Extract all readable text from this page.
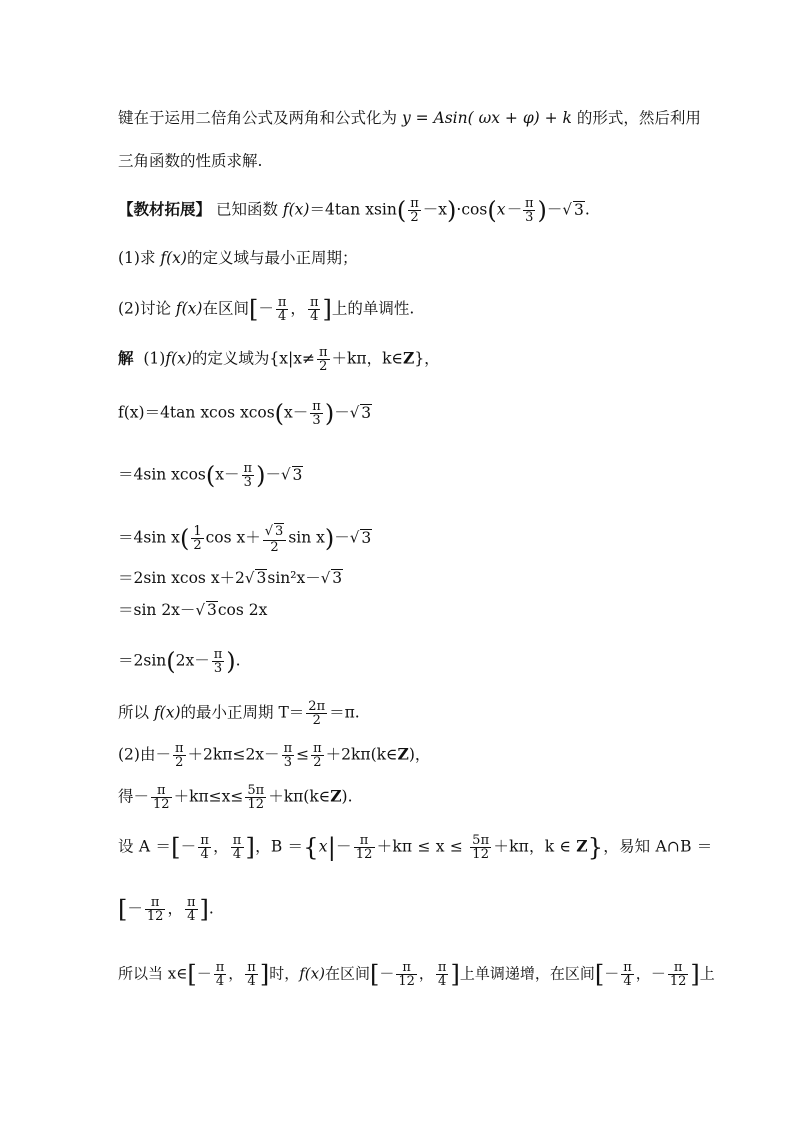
键在于运用二倍角公式及两角和公式化为 y = Asin( ωx + φ) + k 的形式，然后利用
三角函数的性质求解.
【教材拓展】 已知函数 f(x)＝4tan $xsin( \frac{\pi}{2} -x)\cdot\cos(x- \frac{\pi}{3}$ )－√ 3.
(1)求 f(x)的定义域与最小正周期；
(2)讨论 f(x)在区间[－ $\frac{\pi}{4}$ ， $\frac{\pi}{4}$ ]上的单调性.
解 (1)f(x)的定义域为{$x|x\ne \frac{\pi}{2} +k\pi$，k∈Z}，
f(x)＝4tan xcos $xcos(x- \frac{\pi}{3}$ )－√ 3
＝4sin $xcos(x- \frac{\pi}{3}$ )－√ 3
＝4sin $x( \frac{1}{2}$ $\cos x+ \frac{√ 3}{2}$ sin x)－√ 3
＝2sin xcos x＋2√ 3sin²x－√ 3
＝sin 2x－√ 3cos 2x
$=2\sin(2x- \frac{\pi}{3}$ ).
所以 f(x)的最小正周期 $T= \frac{2\pi}{2} =\pi$.
(2)由－ $\frac{\pi}{2} +2k\pi\le 2x- \frac{\pi}{3} \le \frac{\pi}{2}$ ＋2kπ(k∈Z)，
得－ $\frac{\pi}{12} +k\pi\le x\le \frac{5\pi}{12}$ ＋kπ(k∈Z).
设 A ＝[－ $\frac{\pi}{4}$ ， $\frac{\pi}{4}$ ]，$B =\{x|- \frac{\pi}{12} +k\pi \le x \le \frac{5\pi}{12} +k\pi$，k ∈ Z}，易知 A∩B ＝
[－ $\frac{\pi}{12}$ ， $\frac{\pi}{4}$ ].
所以当 x∈[－ $\frac{\pi}{4}$ ， $\frac{\pi}{4}$ ]时，f(x)在区间[－ $\frac{\pi}{12}$ ， $\frac{\pi}{4}$ ]上单调递增，在区间[－ $\frac{\pi}{4}$ ，－ $\frac{\pi}{12}$ ]上
